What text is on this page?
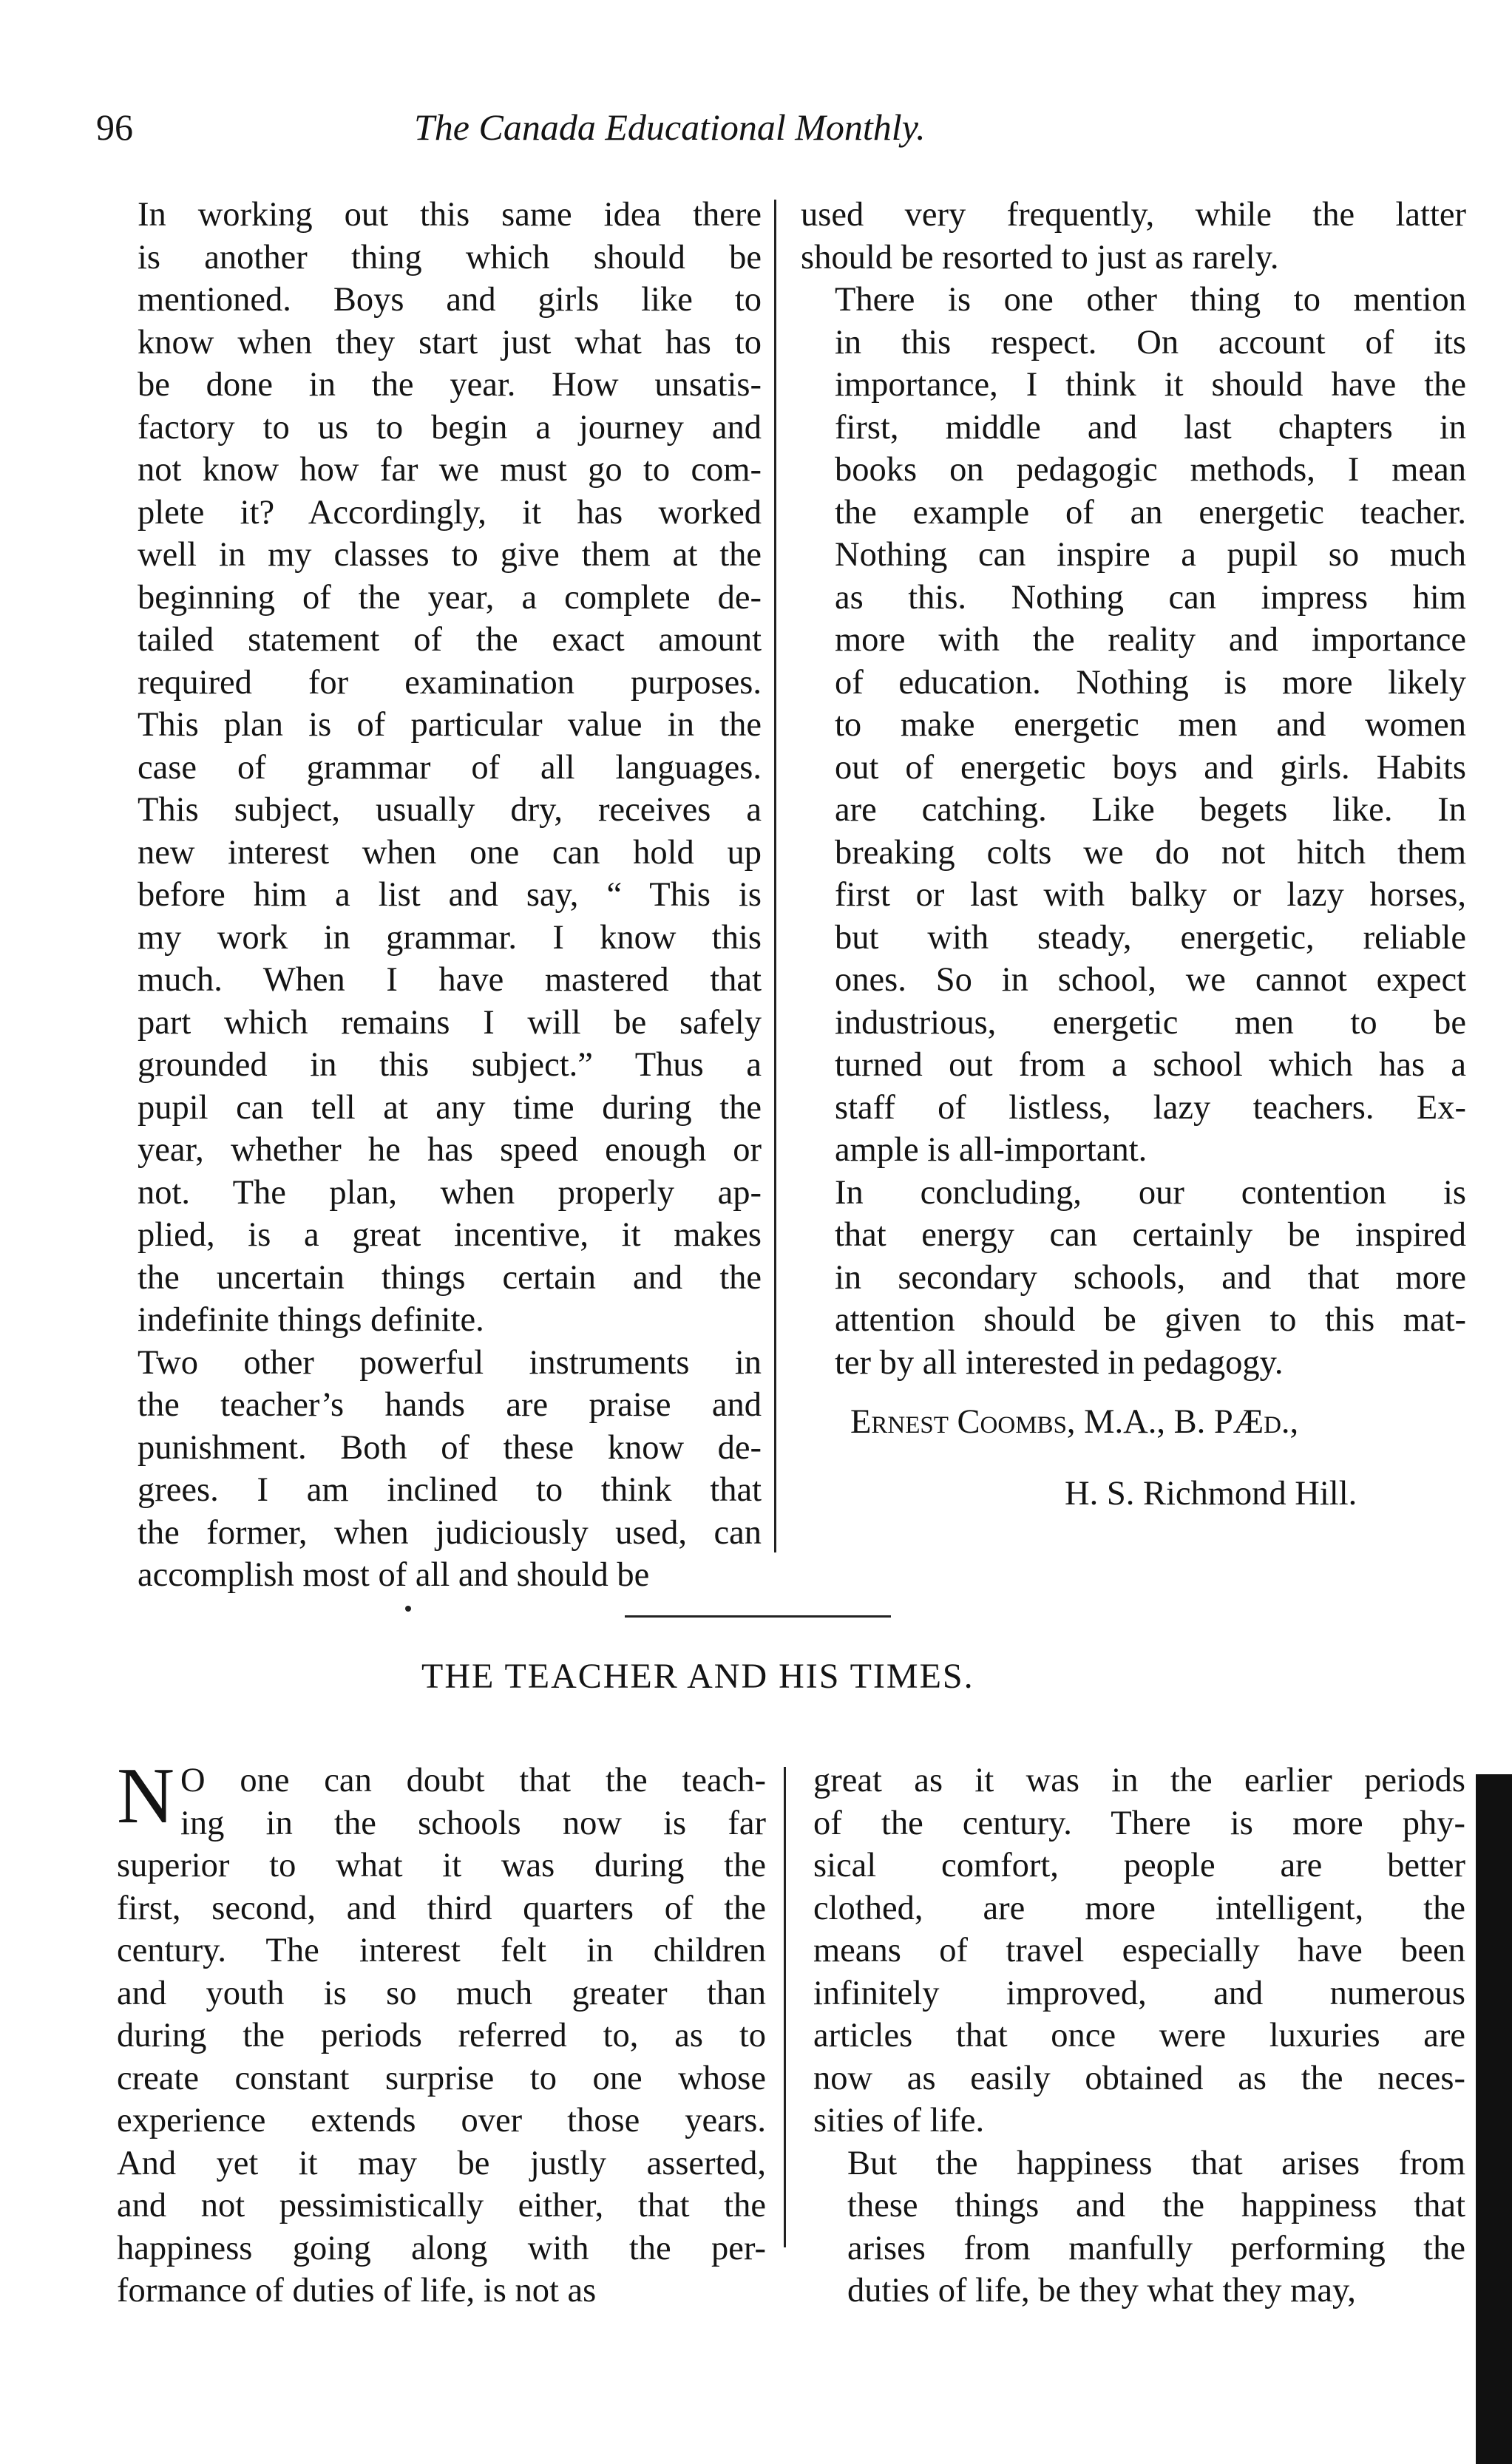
96	The Canada Educational Monthly.

In working out this same idea there
is another thing which should be
mentioned. Boys and girls like to
know when they start just what has to
be done in the year. How unsatis-
factory to us to begin a journey and
not know how far we must go to com-
plete it? Accordingly, it has worked
well in my classes to give them at the
beginning of the year, a complete de-
tailed statement of the exact amount
required for examination purposes.
This plan is of particular value in the
case of grammar of all languages.
This subject, usually dry, receives a
new interest when one can hold up
before him a list and say, “ This is
my work in grammar. I know this
much. When I have mastered that
part which remains I will be safely
grounded in this subject.” Thus a
pupil can tell at any time during the
year, whether he has speed enough or
not. The plan, when properly ap-
plied, is a great incentive, it makes
the uncertain things certain and the
indefinite things definite.

Two other powerful instruments in
the teacher’s hands are praise and
punishment. Both of these know de-
grees. I am inclined to think that
the former, when judiciously used, can
accomplish most of all and should be

used very frequently, while the latter
should be resorted to just as rarely.

There is one other thing to mention
in this respect. On account of its
importance, I think it should have the
first, middle and last chapters in
books on pedagogic methods, I mean
the example of an energetic teacher.
Nothing can inspire a pupil so much
as this. Nothing can impress him
more with the reality and importance
of education. Nothing is more likely
to make energetic men and women
out of energetic boys and girls. Habits
are catching. Like begets like. In
breaking colts we do not hitch them
first or last with balky or lazy horses,
but with steady, energetic, reliable
ones. So in school, we cannot expect
industrious, energetic men to be
turned out from a school which has a
staff of listless, lazy teachers. Ex-
ample is all-important.

In concluding, our contention is
that energy can certainly be inspired
in secondary schools, and that more
attention should be given to this mat-
ter by all interested in pedagogy.

Ernest Coombs, M.A., B. PÆd.,
H. S. Richmond Hill.
THE TEACHER AND HIS TIMES.
N O one can doubt that the teach-
ing in the schools now is far
superior to what it was during the
first, second, and third quarters of the
century. The interest felt in children
and youth is so much greater than
during the periods referred to, as to
create constant surprise to one whose
experience extends over those years.
And yet it may be justly asserted,
and not pessimistically either, that the
happiness going along with the per-
formance of duties of life, is not as

great as it was in the earlier periods
of the century. There is more phy-
sical comfort, people are better
clothed, are more intelligent, the
means of travel especially have been
infinitely improved, and numerous
articles that once were luxuries are
now as easily obtained as the neces-
sities of life.

But the happiness that arises from
these things and the happiness that
arises from manfully performing the
duties of life, be they what they may,
